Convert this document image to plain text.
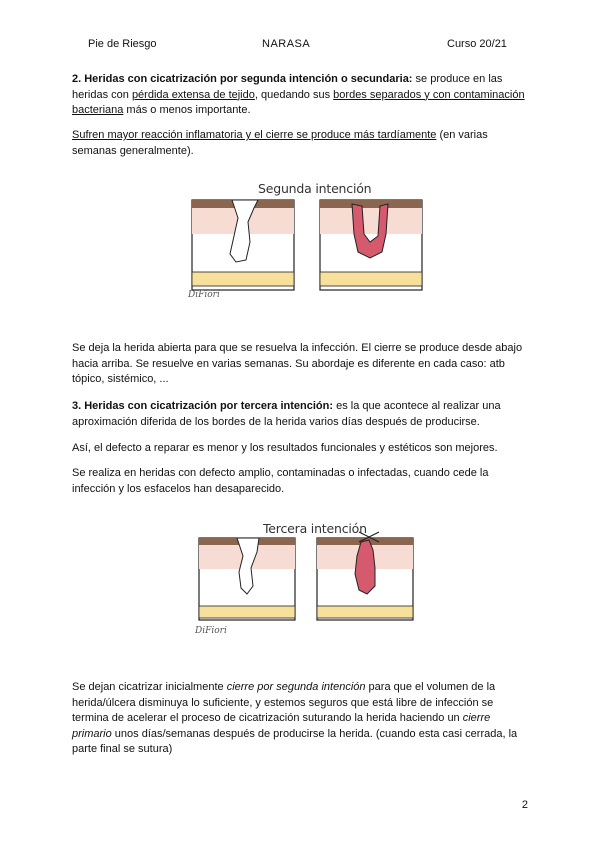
Pie de Riesgo	NARASA	Curso 20/21

2. Heridas con cicatrización por segunda intención o secundaria: se produce en las heridas con pérdida extensa de tejido, quedando sus bordes separados y con contaminación bacteriana más o menos importante.

Sufren mayor reacción inflamatoria y el cierre se produce más tardíamente (en varias semanas generalmente).

Segunda intención
DiFiori

Se deja la herida abierta para que se resuelva la infección. El cierre se produce desde abajo hacia arriba. Se resuelve en varias semanas. Su abordaje es diferente en cada caso: atb tópico, sistémico, ...

3. Heridas con cicatrización por tercera intención: es la que acontece al realizar una aproximación diferida de los bordes de la herida varios días después de producirse.

Así, el defecto a reparar es menor y los resultados funcionales y estéticos son mejores.

Se realiza en heridas con defecto amplio, contaminadas o infectadas, cuando cede la infección y los esfacelos han desaparecido.

Tercera intención
DiFiori

Se dejan cicatrizar inicialmente cierre por segunda intención para que el volumen de la herida/úlcera disminuya lo suficiente, y estemos seguros que está libre de infección se termina de acelerar el proceso de cicatrización suturando la herida haciendo un cierre primario unos días/semanas después de producirse la herida. (cuando esta casi cerrada, la parte final se sutura)

2
